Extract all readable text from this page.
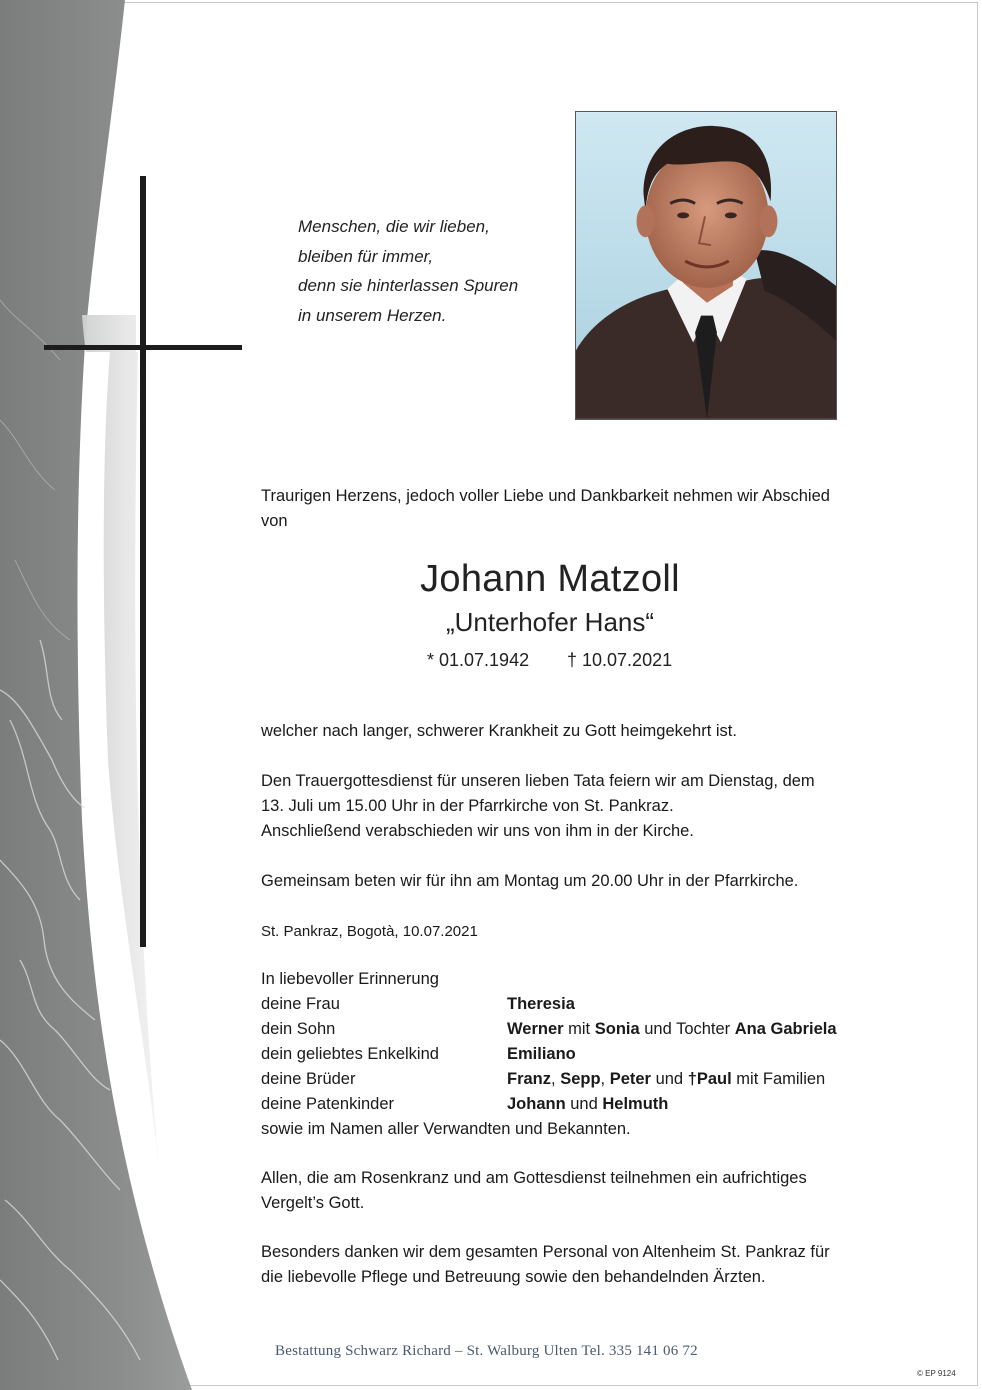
Menschen, die wir lieben,
bleiben für immer,
denn sie hinterlassen Spuren
in unserem Herzen.
Traurigen Herzens, jedoch voller Liebe und Dankbarkeit nehmen wir Abschied
von
Johann Matzoll
„Unterhofer Hans“
* 01.07.1942 † 10.07.2021
welcher nach langer, schwerer Krankheit zu Gott heimgekehrt ist.
Den Trauergottesdienst für unseren lieben Tata feiern wir am Dienstag, dem
13. Juli um 15.00 Uhr in der Pfarrkirche von St. Pankraz.
Anschließend verabschieden wir uns von ihm in der Kirche.
Gemeinsam beten wir für ihn am Montag um 20.00 Uhr in der Pfarrkirche.
St. Pankraz, Bogotà, 10.07.2021
In liebevoller Erinnerung
deine Frau	Theresia
dein Sohn	Werner mit Sonia und Tochter Ana Gabriela
dein geliebtes Enkelkind	Emiliano
deine Brüder	Franz, Sepp, Peter und †Paul mit Familien
deine Patenkinder	Johann und Helmuth
sowie im Namen aller Verwandten und Bekannten.
Allen, die am Rosenkranz und am Gottesdienst teilnehmen ein aufrichtiges
Vergelt’s Gott.
Besonders danken wir dem gesamten Personal von Altenheim St. Pankraz für
die liebevolle Pflege und Betreuung sowie den behandelnden Ärzten.
Bestattung Schwarz Richard – St. Walburg Ulten Tel. 335 141 06 72
© EP 9124
